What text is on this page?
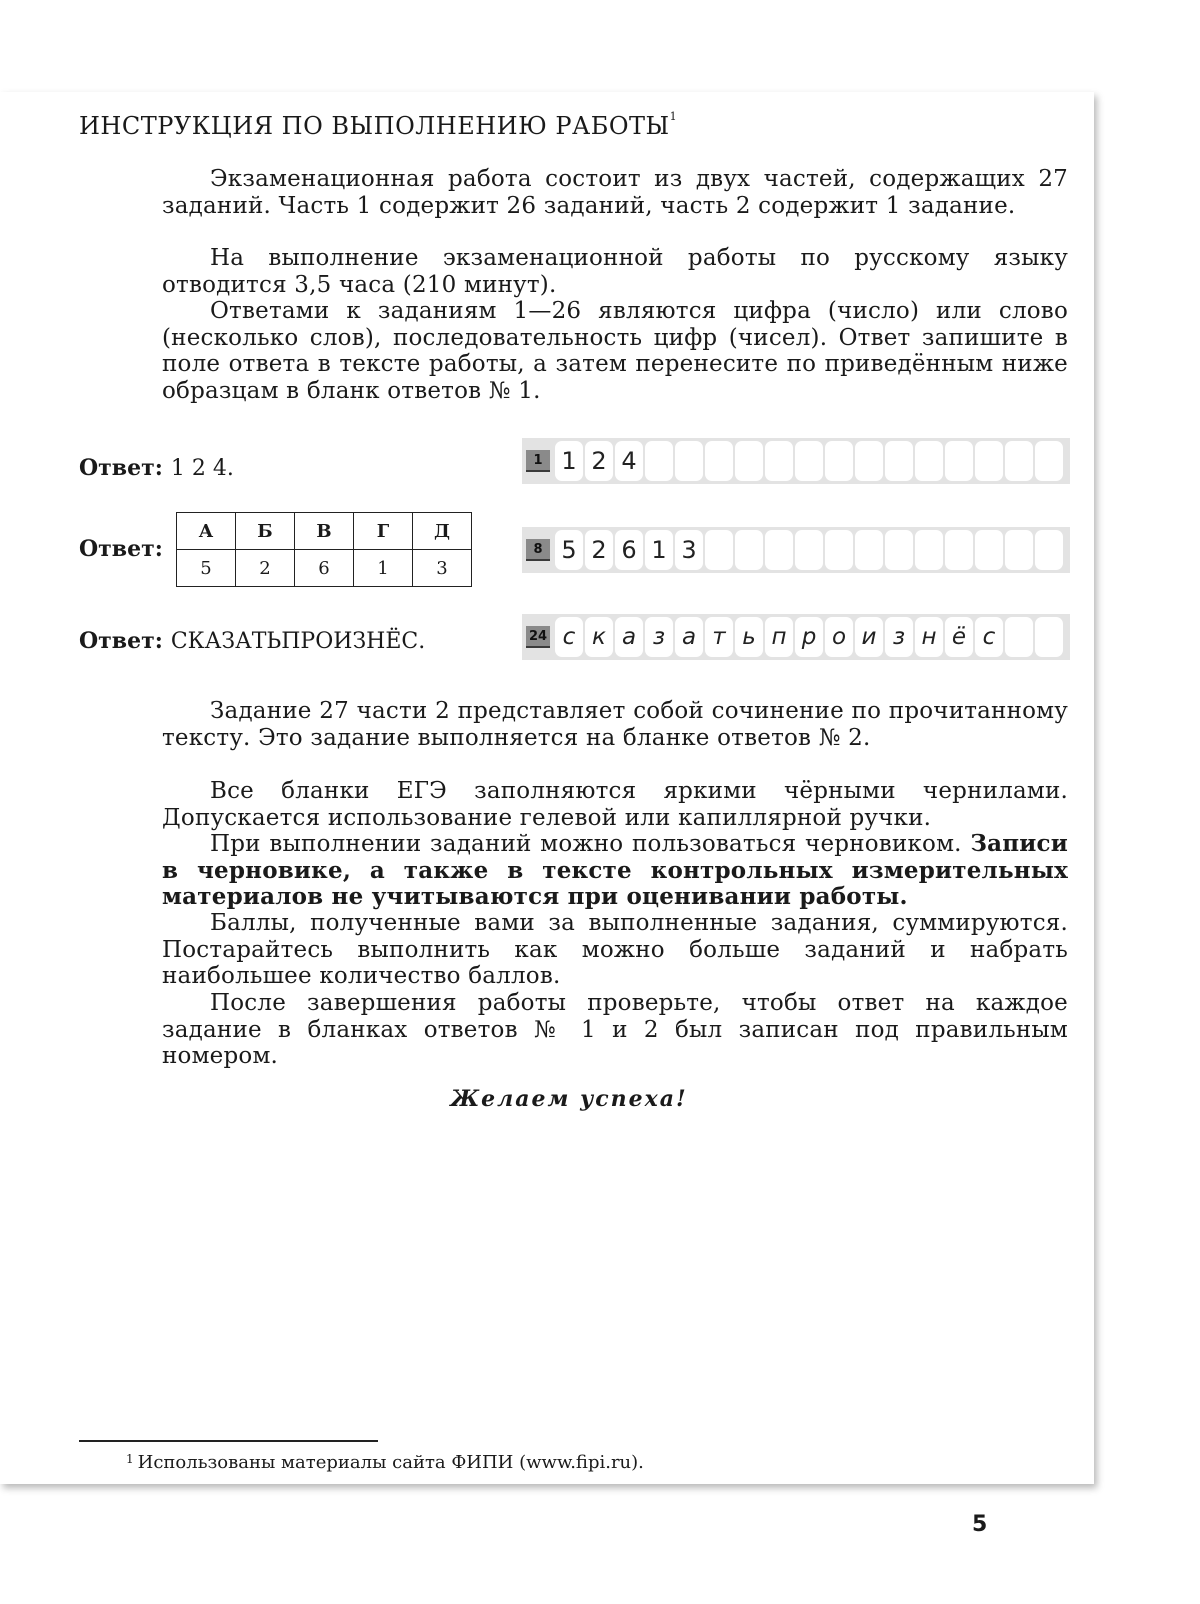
ИНСТРУКЦИЯ ПО ВЫПОЛНЕНИЮ РАБОТЫ$^1$

Экзаменационная работа состоит из двух частей, содержащих 27 заданий. Часть 1 содержит 26 заданий, часть 2 содержит 1 задание.

На выполнение экзаменационной работы по русскому языку отводится 3,5 часа (210 минут).

Ответами к заданиям 1—26 являются цифра (число) или слово (несколько слов), последовательность цифр (чисел). Ответ запишите в поле ответа в тексте работы, а затем перенесите по приведённым ниже образцам в бланк ответов № 1.

Ответ: 1 2 4.	1 1 2 4
Ответ:
А	Б	В	Г	Д
5	2	6	1	3
8 5 2 6 1 3
Ответ: СКАЗАТЬПРОИЗНЁС.	24 с к а з а т ь п р о и з н ё с

Задание 27 части 2 представляет собой сочинение по прочитанному тексту. Это задание выполняется на бланке ответов № 2.

Все бланки ЕГЭ заполняются яркими чёрными чернилами. Допускается использование гелевой или капиллярной ручки.

При выполнении заданий можно пользоваться черновиком. Записи в черновике, а также в тексте контрольных измерительных материалов не учитываются при оценивании работы.

Баллы, полученные вами за выполненные задания, суммируются. Постарайтесь выполнить как можно больше заданий и набрать наибольшее количество баллов.

После завершения работы проверьте, чтобы ответ на каждое задание в бланках ответов № 1 и 2 был записан под правильным номером.

Желаем успеха!

$^1$ Использованы материалы сайта ФИПИ (www.fipi.ru).

5
